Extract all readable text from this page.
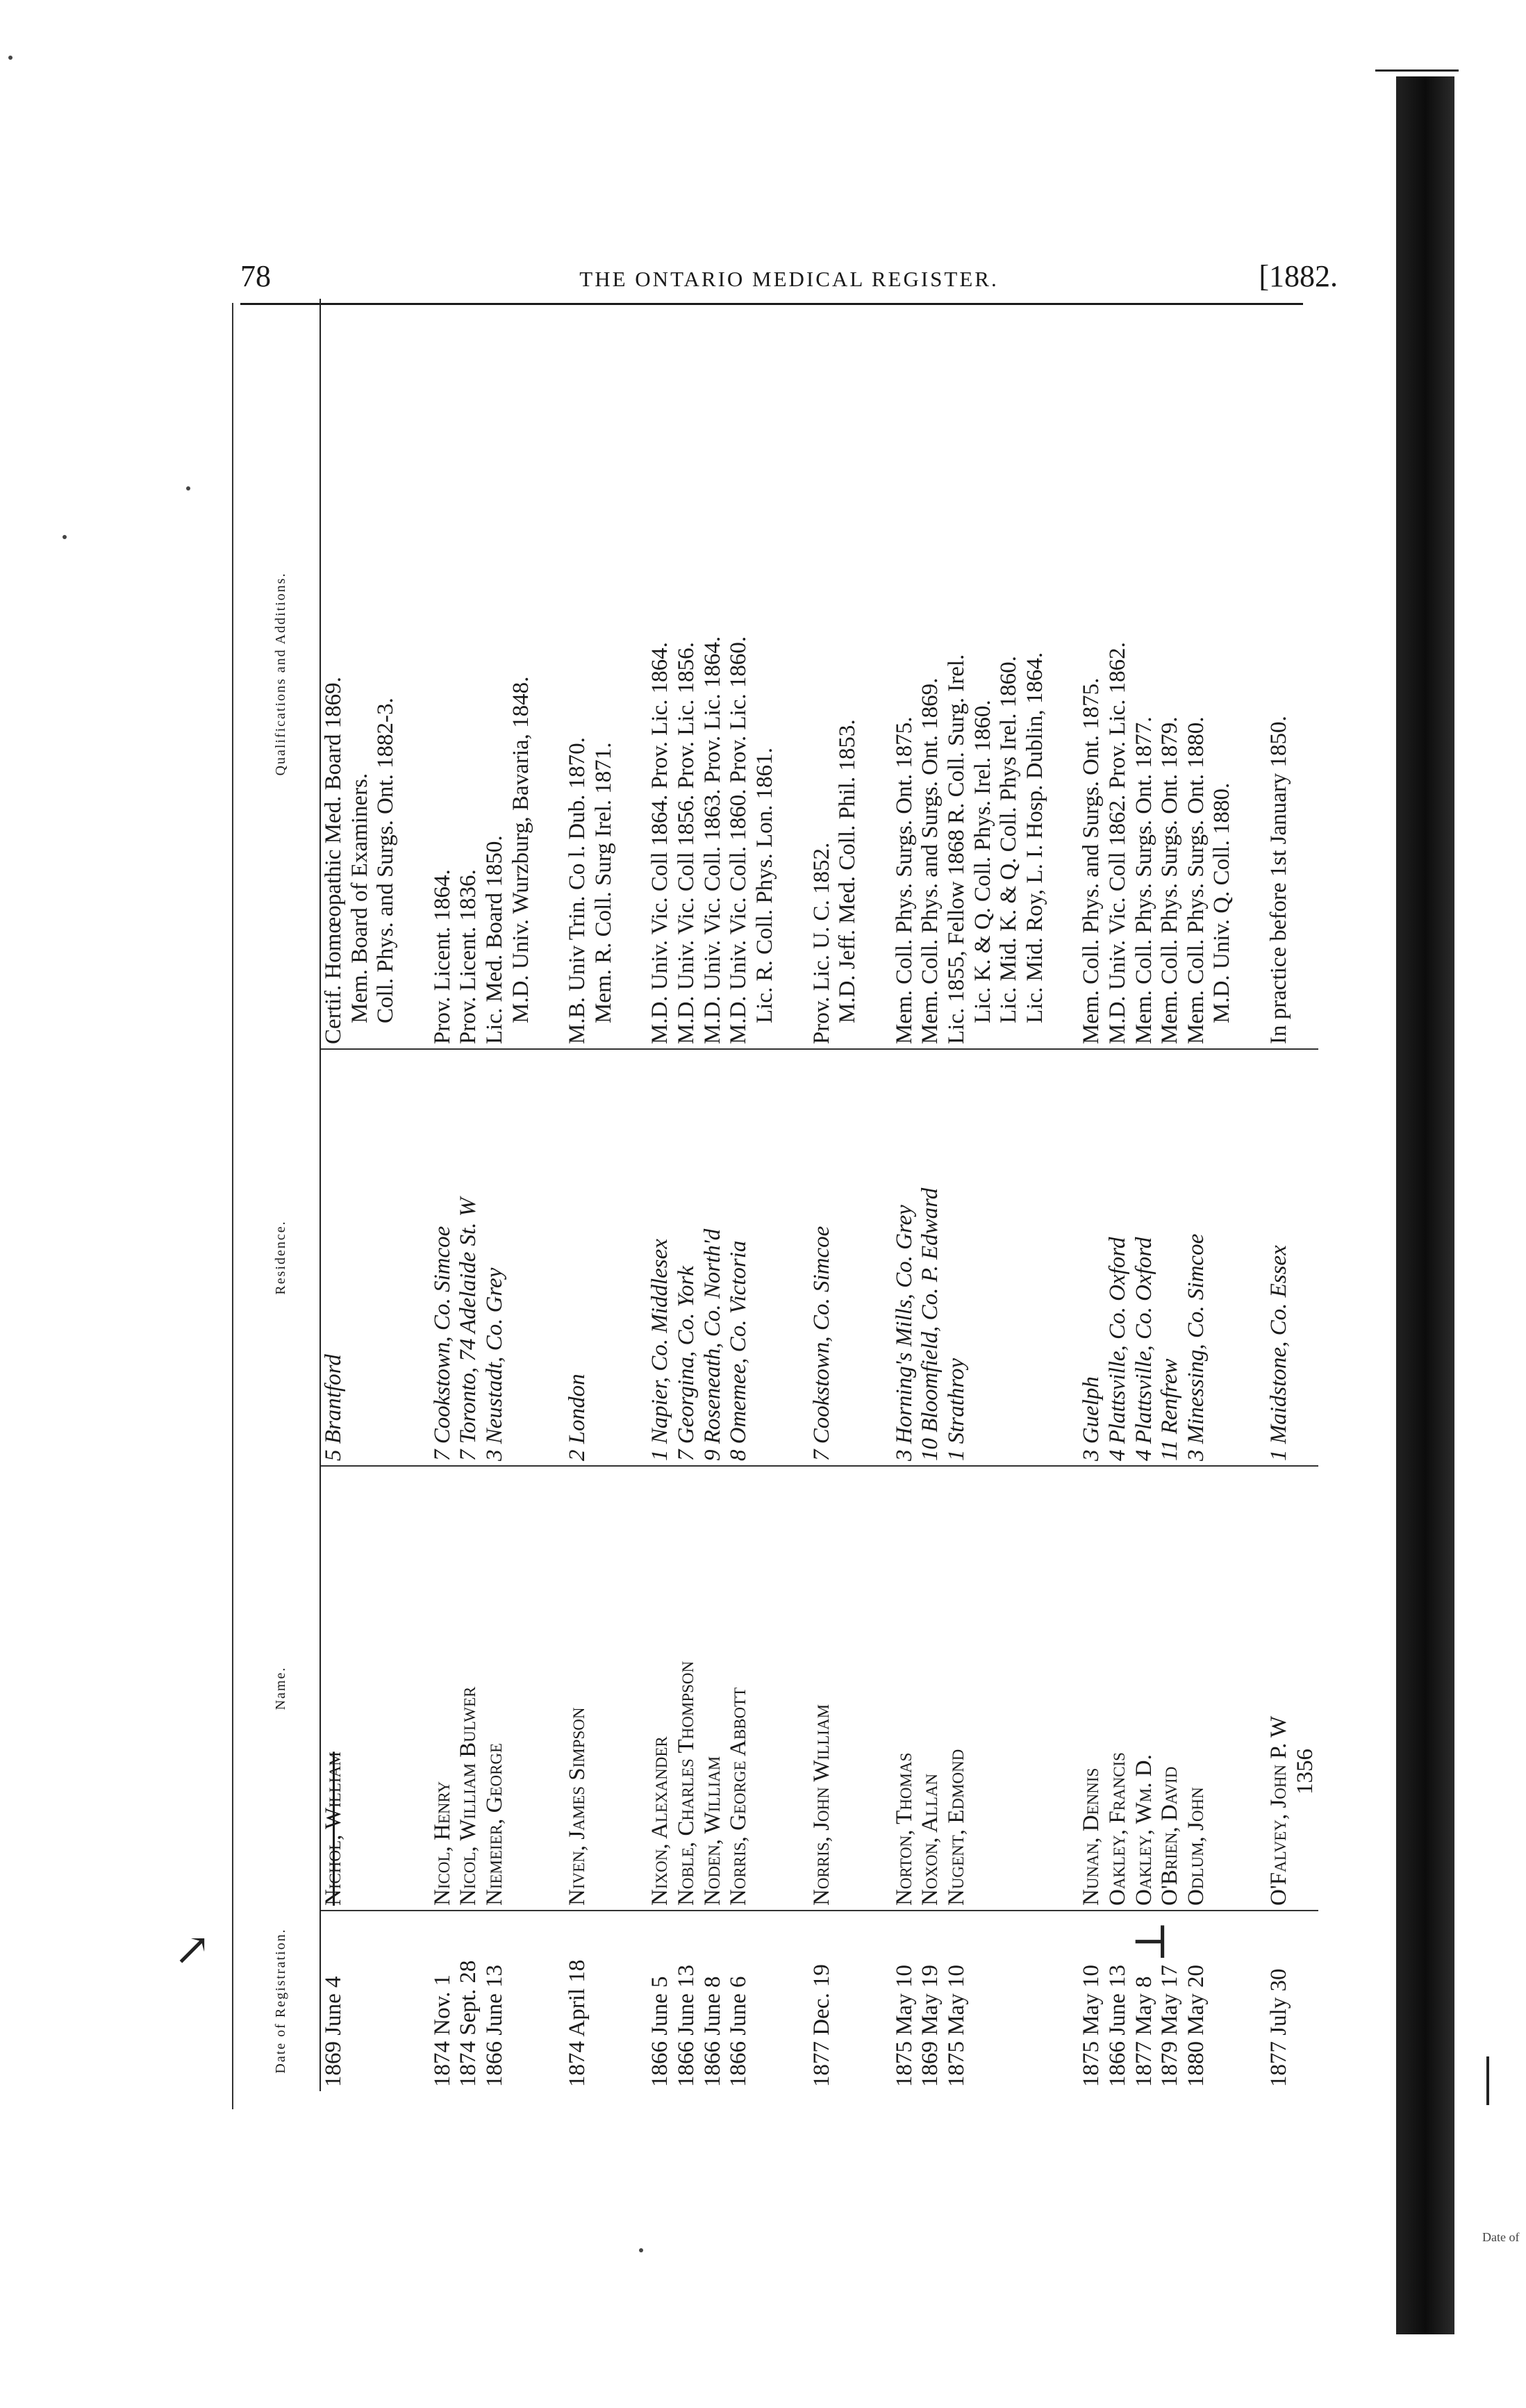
78	THE ONTARIO MEDICAL REGISTER.	[1882.
Date of Registration.	Name.	Residence.	Qualifications and Additions.
1869 June 4	Nichol, William	5 Brantford	Certif. Homœopathic Med. Board 1869. Mem. Board of Examiners. Coll. Phys. and Surgs. Ont. 1882-3.

1874 Nov. 1	Nicol, Henry	7 Cookstown, Co. Simcoe	Prov. Licent. 1864.

1874 Sept. 28	Nicol, William Bulwer	7 Toronto, 74 Adelaide St. W	Prov. Licent. 1836.

1866 June 13	Niemeier, George	3 Neustadt, Co. Grey	Lic. Med. Board 1850. M.D. Univ. Wurzburg, Bavaria, 1848.

1874 April 18	Niven, James Simpson	2 London	M.B. Univ Trin. Co l. Dub. 1870. Mem. R. Coll. Surg Irel. 1871.

1866 June 5	Nixon, Alexander	1 Napier, Co. Middlesex	M.D. Univ. Vic. Coll 1864. Prov. Lic. 1864.

1866 June 13	Noble, Charles Thompson	7 Georgina, Co. York	M.D. Univ. Vic. Coll 1856. Prov. Lic. 1856.

1866 June 8	Noden, William	9 Roseneath, Co. North'd	M.D. Univ. Vic. Coll. 1863. Prov. Lic. 1864.

1866 June 6	Norris, George Abbott	8 Omemee, Co. Victoria	M.D. Univ. Vic. Coll. 1860. Prov. Lic. 1860. Lic. R. Coll. Phys. Lon. 1861.

1877 Dec. 19	Norris, John William	7 Cookstown, Co. Simcoe	Prov. Lic. U. C. 1852. M.D. Jeff. Med. Coll. Phil. 1853.

1875 May 10	Norton, Thomas	3 Horning's Mills, Co. Grey	Mem. Coll. Phys. Surgs. Ont. 1875.

1869 May 19	Noxon, Allan	10 Bloomfield, Co. P. Edward	Mem. Coll. Phys. and Surgs. Ont. 1869.

1875 May 10	Nugent, Edmond	1 Strathroy	Lic. 1855, Fellow 1868 R. Coll. Surg. Irel. Lic. K. & Q. Coll. Phys. Irel. 1860. Lic. Mid. K. & Q. Coll. Phys Irel. 1860. Lic. Mid. Roy, L. I. Hosp. Dublin, 1864.

1875 May 10	Nunan, Dennis	3 Guelph	Mem. Coll. Phys. and Surgs. Ont. 1875.

1866 June 13	Oakley, Francis	4 Plattsville, Co. Oxford	M.D. Univ. Vic. Coll 1862. Prov. Lic. 1862.

1877 May 8	Oakley, Wm. D.	4 Plattsville, Co. Oxford	Mem. Coll. Phys. Surgs. Ont. 1877.

1879 May 17	O'Brien, David	11 Renfrew	Mem. Coll. Phys. Surgs. Ont. 1879.

1880 May 20	Odlum, John	3 Minessing, Co. Simcoe	Mem. Coll. Phys. Surgs. Ont. 1880. M.D. Univ. Q. Coll. 1880.

1877 July 30	O'Falvey, John P. W 1356	1 Maidstone, Co. Essex	In practice before 1st January 1850.
↗	⊣
Date of
